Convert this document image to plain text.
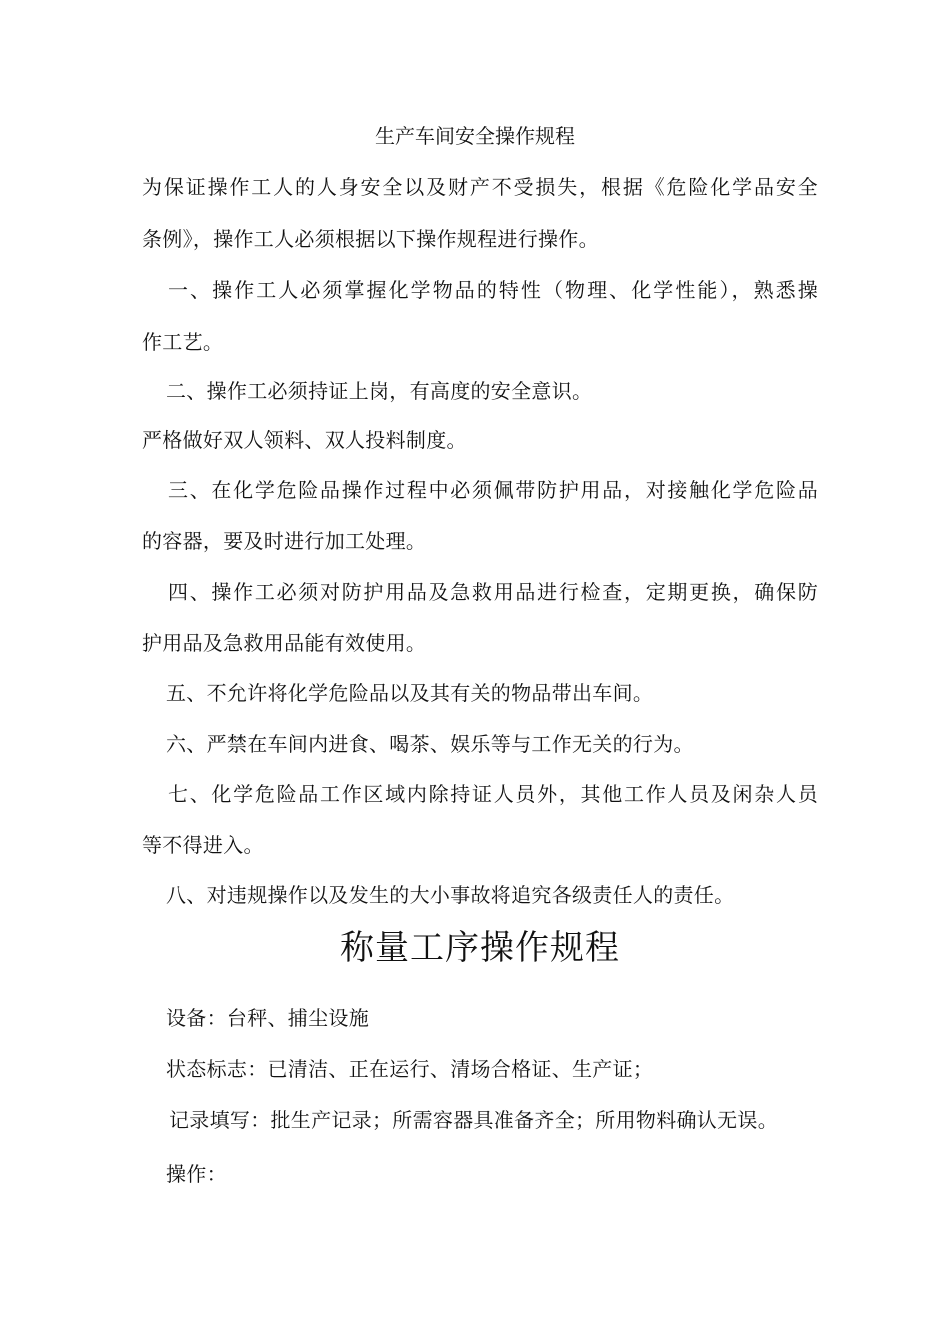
生产车间安全操作规程
为保证操作工人的人身安全以及财产不受损失，根据《危险化学品安全
条例》，操作工人必须根据以下操作规程进行操作。
一、操作工人必须掌握化学物品的特性（物理、化学性能），熟悉操
作工艺。
二、操作工必须持证上岗，有高度的安全意识。
严格做好双人领料、双人投料制度。
三、在化学危险品操作过程中必须佩带防护用品，对接触化学危险品
的容器，要及时进行加工处理。
四、操作工必须对防护用品及急救用品进行检查，定期更换，确保防
护用品及急救用品能有效使用。
五、不允许将化学危险品以及其有关的物品带出车间。
六、严禁在车间内进食、喝茶、娱乐等与工作无关的行为。
七、化学危险品工作区域内除持证人员外，其他工作人员及闲杂人员
等不得进入。
八、对违规操作以及发生的大小事故将追究各级责任人的责任。
称量工序操作规程
设备：台秤、捕尘设施
状态标志：已清洁、正在运行、清场合格证、生产证；
记录填写：批生产记录；所需容器具准备齐全；所用物料确认无误。
操作：
